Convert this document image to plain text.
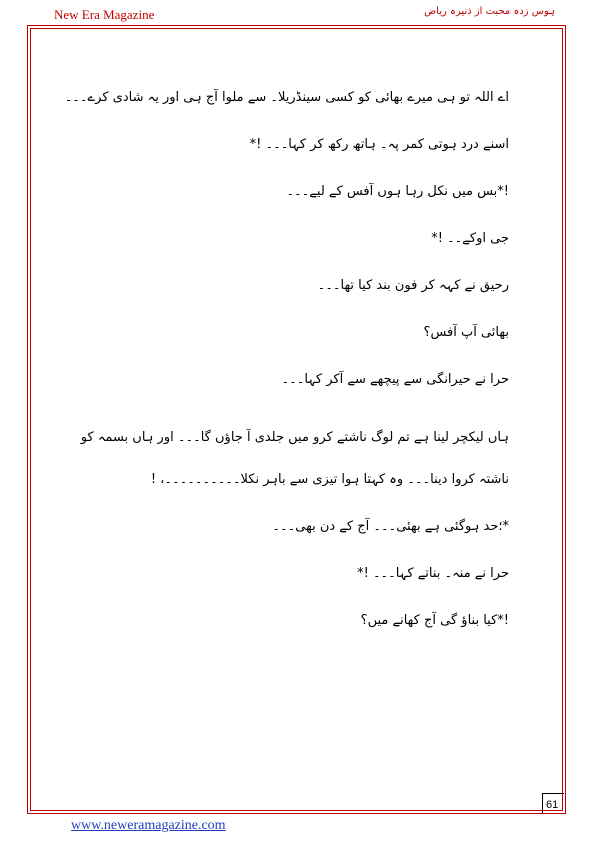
New Era Magazine	ہوس زدہ محبت از ذنیرہ ریاض

اے اللہ تو ہی میرے بھائی کو کسی سینڈریلا۔ سے ملوا آج ہی اور یہ شادی کرے۔۔۔

اسنے درد ہوتی کمر پہ۔ ہاتھ رکھ کر کہا۔۔۔ !*

!*بس میں نکل رہا ہوں آفس کے لیے۔۔۔

جی اوکے۔۔ !*

رحیق نے کہہ کر فون بند کیا تھا۔۔۔

بھائی آپ آفس؟

حرا نے حیرانگی سے پیچھے سے آکر کہا۔۔۔

ہاں لیکچر لینا ہے تم لوگ ناشتے کرو میں جلدی آ جاؤں گا۔۔۔ اور ہاں بسمہ کو ناشتہ کروا دینا۔۔۔ وہ کہتا ہوا تیزی سے باہر نکلا۔۔۔۔۔۔۔۔۔۔، !

*؛حد ہوگئی ہے بھئی۔۔۔ آج کے دن بھی۔۔۔

حرا نے منہ۔ بناتے کہا۔۔۔ !*

!*کیا بناؤ گی آج کھانے میں؟

61
www.neweramagazine.com
